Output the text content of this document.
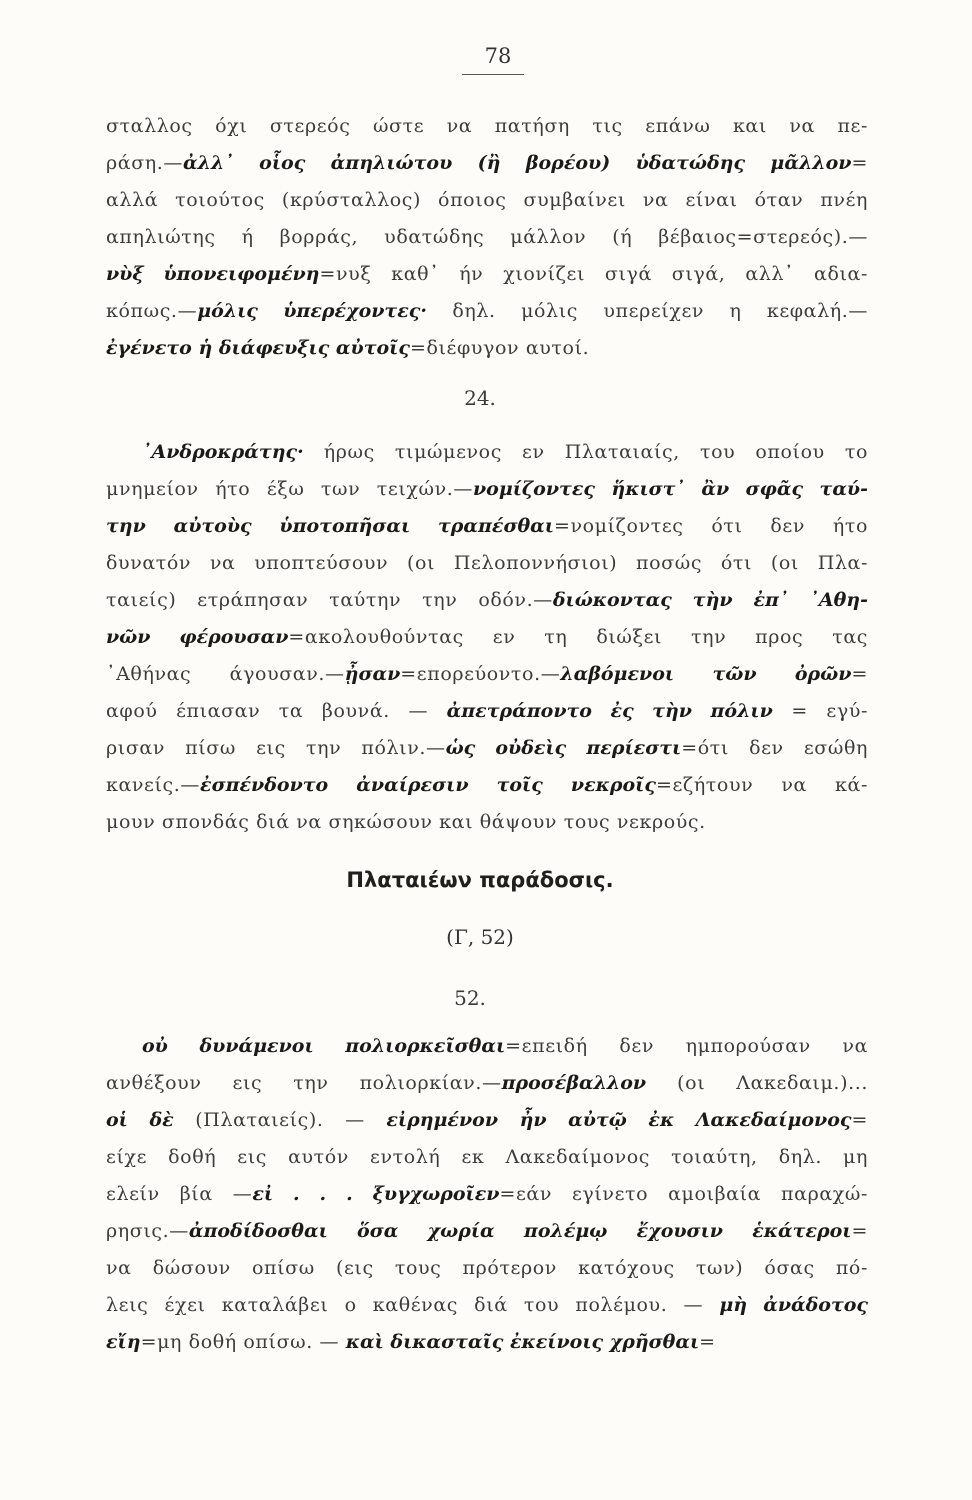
78
σταλλος όχι στερεός ώστε να πατήση τις επάνω και να πε-
ράση.—ἀλλ᾽ οἷος ἀπηλιώτου (ἢ βορέου) ὑδατώδης μᾶλλον=
αλλά τοιούτος (κρύσταλλος) όποιος συμβαίνει να είναι όταν πνέη
απηλιώτης ή βορράς, υδατώδης μάλλον (ή βέβαιος=στερεός).—
νὺξ ὑπονειφομένη=νυξ καθ᾽ ήν χιονίζει σιγά σιγά, αλλ᾽ αδια-
κόπως.—μόλις ὑπερέχοντες· δηλ. μόλις υπερείχεν η κεφαλή.—
ἐγένετο ἡ διάφευξις αὐτοῖς=διέφυγον αυτοί.
24.
᾽Ανδροκράτης· ήρως τιμώμενος εν Πλαταιαίς, του οποίου το
μνημείον ήτο έξω των τειχών.—νομίζοντες ἥκιστ᾽ ἂν σφᾶς ταύ-
την αὐτοὺς ὑποτοπῆσαι τραπέσθαι=νομίζοντες ότι δεν ήτο
δυνατόν να υποπτεύσουν (οι Πελοποννήσιοι) ποσώς ότι (οι Πλα-
ταιείς) ετράπησαν ταύτην την οδόν.—διώκοντας τὴν ἐπ᾽ ᾽Αθη-
νῶν φέρουσαν=ακολουθούντας εν τη διώξει την προς τας
᾽Αθήνας άγουσαν.—ᾖσαν=επορεύοντο.—λαβόμενοι τῶν ὀρῶν=
αφού έπιασαν τα βουνά. — ἀπετράποντο ἐς τὴν πόλιν = εγύ-
ρισαν πίσω εις την πόλιν.—ὡς οὐδεὶς περίεστι=ότι δεν εσώθη
κανείς.—ἐσπένδοντο ἀναίρεσιν τοῖς νεκροῖς=εζήτουν να κά-
μουν σπονδάς διά να σηκώσουν και θάψουν τους νεκρούς.
Πλαταιέων παράδοσις.
(Γ, 52)
52.
οὐ δυνάμενοι πολιορκεῖσθαι=επειδή δεν ημπορούσαν να
ανθέξουν εις την πολιορκίαν.—προσέβαλλον (οι Λακεδαιμ.)...
οἱ δὲ (Πλαταιείς). — εἰρημένον ἦν αὐτῷ ἐκ Λακεδαίμονος=
είχε δοθή εις αυτόν εντολή εκ Λακεδαίμονος τοιαύτη, δηλ. μη
ελείν βία —εἰ . . . ξυγχωροῖεν=εάν εγίνετο αμοιβαία παραχώ-
ρησις.—ἀποδίδοσθαι ὅσα χωρία πολέμῳ ἔχουσιν ἑκάτεροι=
να δώσουν οπίσω (εις τους πρότερον κατόχους των) όσας πό-
λεις έχει καταλάβει ο καθένας διά του πολέμου. — μὴ ἀνάδοτος
εἴη=μη δοθή οπίσω. — καὶ δικασταῖς ἐκείνοις χρῆσθαι=
